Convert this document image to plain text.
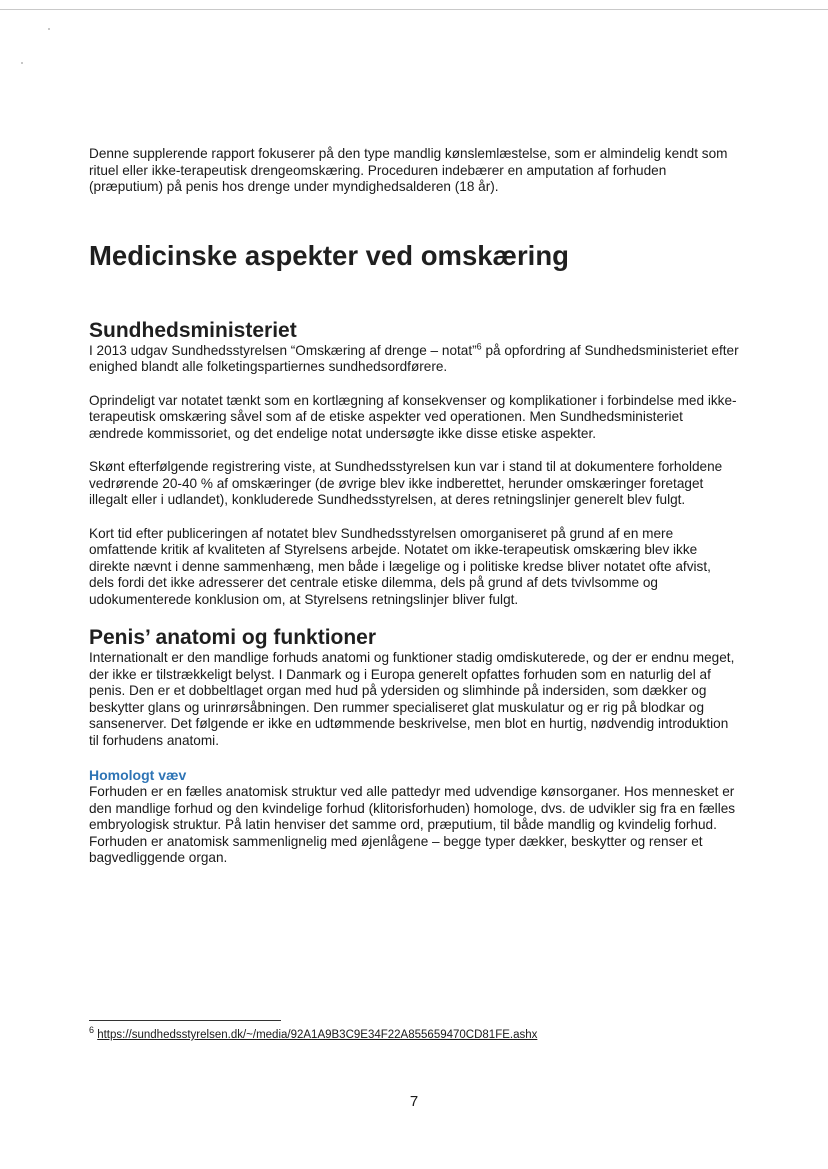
Denne supplerende rapport fokuserer på den type mandlig kønslemlæstelse, som er almindelig kendt som rituel eller ikke-terapeutisk drengeomskæring. Proceduren indebærer en amputation af forhuden (præputium) på penis hos drenge under myndighedsalderen (18 år).

Medicinske aspekter ved omskæring
Sundhedsministeriet

I 2013 udgav Sundhedsstyrelsen “Omskæring af drenge – notat”$^6$ på opfordring af Sundhedsministeriet efter enighed blandt alle folketingspartiernes sundhedsordførere.

Oprindeligt var notatet tænkt som en kortlægning af konsekvenser og komplikationer i forbindelse med ikke-terapeutisk omskæring såvel som af de etiske aspekter ved operationen. Men Sundhedsministeriet ændrede kommissoriet, og det endelige notat undersøgte ikke disse etiske aspekter.

Skønt efterfølgende registrering viste, at Sundhedsstyrelsen kun var i stand til at dokumentere forholdene vedrørende 20-40 % af omskæringer (de øvrige blev ikke indberettet, herunder omskæringer foretaget illegalt eller i udlandet), konkluderede Sundhedsstyrelsen, at deres retningslinjer generelt blev fulgt.

Kort tid efter publiceringen af notatet blev Sundhedsstyrelsen omorganiseret på grund af en mere omfattende kritik af kvaliteten af Styrelsens arbejde. Notatet om ikke-terapeutisk omskæring blev ikke direkte nævnt i denne sammenhæng, men både i lægelige og i politiske kredse bliver notatet ofte afvist, dels fordi det ikke adresserer det centrale etiske dilemma, dels på grund af dets tvivlsomme og udokumenterede konklusion om, at Styrelsens retningslinjer bliver fulgt.

Penis’ anatomi og funktioner

Internationalt er den mandlige forhuds anatomi og funktioner stadig omdiskuterede, og der er endnu meget, der ikke er tilstrækkeligt belyst. I Danmark og i Europa generelt opfattes forhuden som en naturlig del af penis. Den er et dobbeltlaget organ med hud på ydersiden og slimhinde på indersiden, som dækker og beskytter glans og urinrørsåbningen. Den rummer specialiseret glat muskulatur og er rig på blodkar og sansenerver. Det følgende er ikke en udtømmende beskrivelse, men blot en hurtig, nødvendig introduktion til forhudens anatomi.

Homologt væv

Forhuden er en fælles anatomisk struktur ved alle pattedyr med udvendige kønsorganer. Hos mennesket er den mandlige forhud og den kvindelige forhud (klitorisforhuden) homologe, dvs. de udvikler sig fra en fælles embryologisk struktur. På latin henviser det samme ord, præputium, til både mandlig og kvindelig forhud. Forhuden er anatomisk sammenlignelig med øjenlågene – begge typer dækker, beskytter og renser et bagvedliggende organ.

$^6$ https://sundhedsstyrelsen.dk/~/media/92A1A9B3C9E34F22A855659470CD81FE.ashx
7
